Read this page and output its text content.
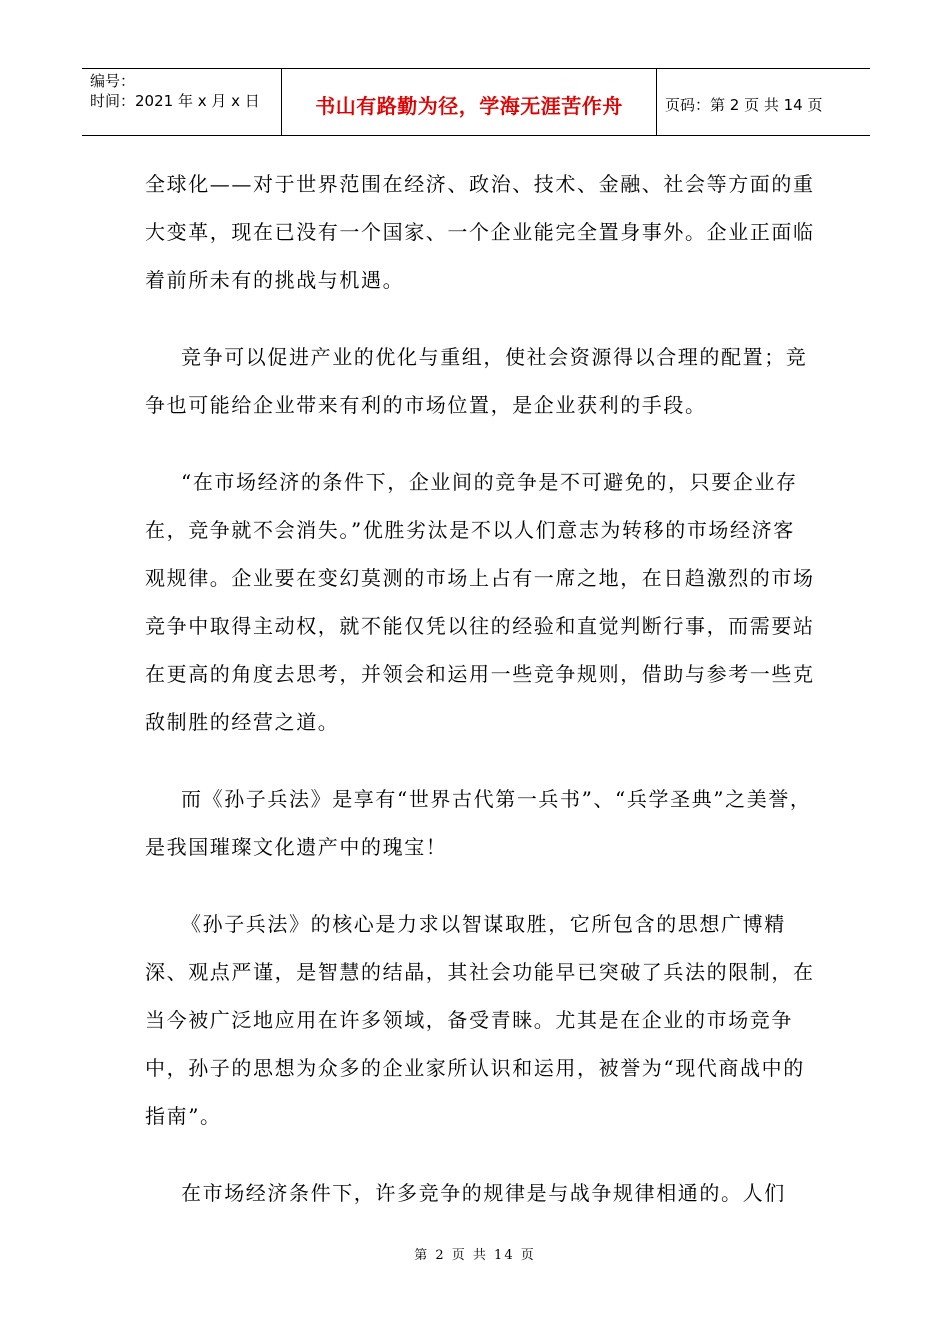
编号：
时间：2021 年 x 月 x 日	书山有路勤为径，学海无涯苦作舟	页码：第 2 页 共 14 页

全球化——对于世界范围在经济、政治、技术、金融、社会等方面的重大变革，现在已没有一个国家、一个企业能完全置身事外。企业正面临着前所未有的挑战与机遇。

竞争可以促进产业的优化与重组，使社会资源得以合理的配置；竞争也可能给企业带来有利的市场位置，是企业获利的手段。

“在市场经济的条件下，企业间的竞争是不可避免的，只要企业存在，竞争就不会消失。”优胜劣汰是不以人们意志为转移的市场经济客观规律。企业要在变幻莫测的市场上占有一席之地，在日趋激烈的市场竞争中取得主动权，就不能仅凭以往的经验和直觉判断行事，而需要站在更高的角度去思考，并领会和运用一些竞争规则，借助与参考一些克敌制胜的经营之道。

而《孙子兵法》是享有“世界古代第一兵书”、“兵学圣典”之美誉，是我国璀璨文化遗产中的瑰宝！

《孙子兵法》的核心是力求以智谋取胜，它所包含的思想广博精深、观点严谨，是智慧的结晶，其社会功能早已突破了兵法的限制，在当今被广泛地应用在许多领域，备受青睐。尤其是在企业的市场竞争中，孙子的思想为众多的企业家所认识和运用，被誉为“现代商战中的指南”。

在市场经济条件下，许多竞争的规律是与战争规律相通的。人们

第 2 页 共 14 页
